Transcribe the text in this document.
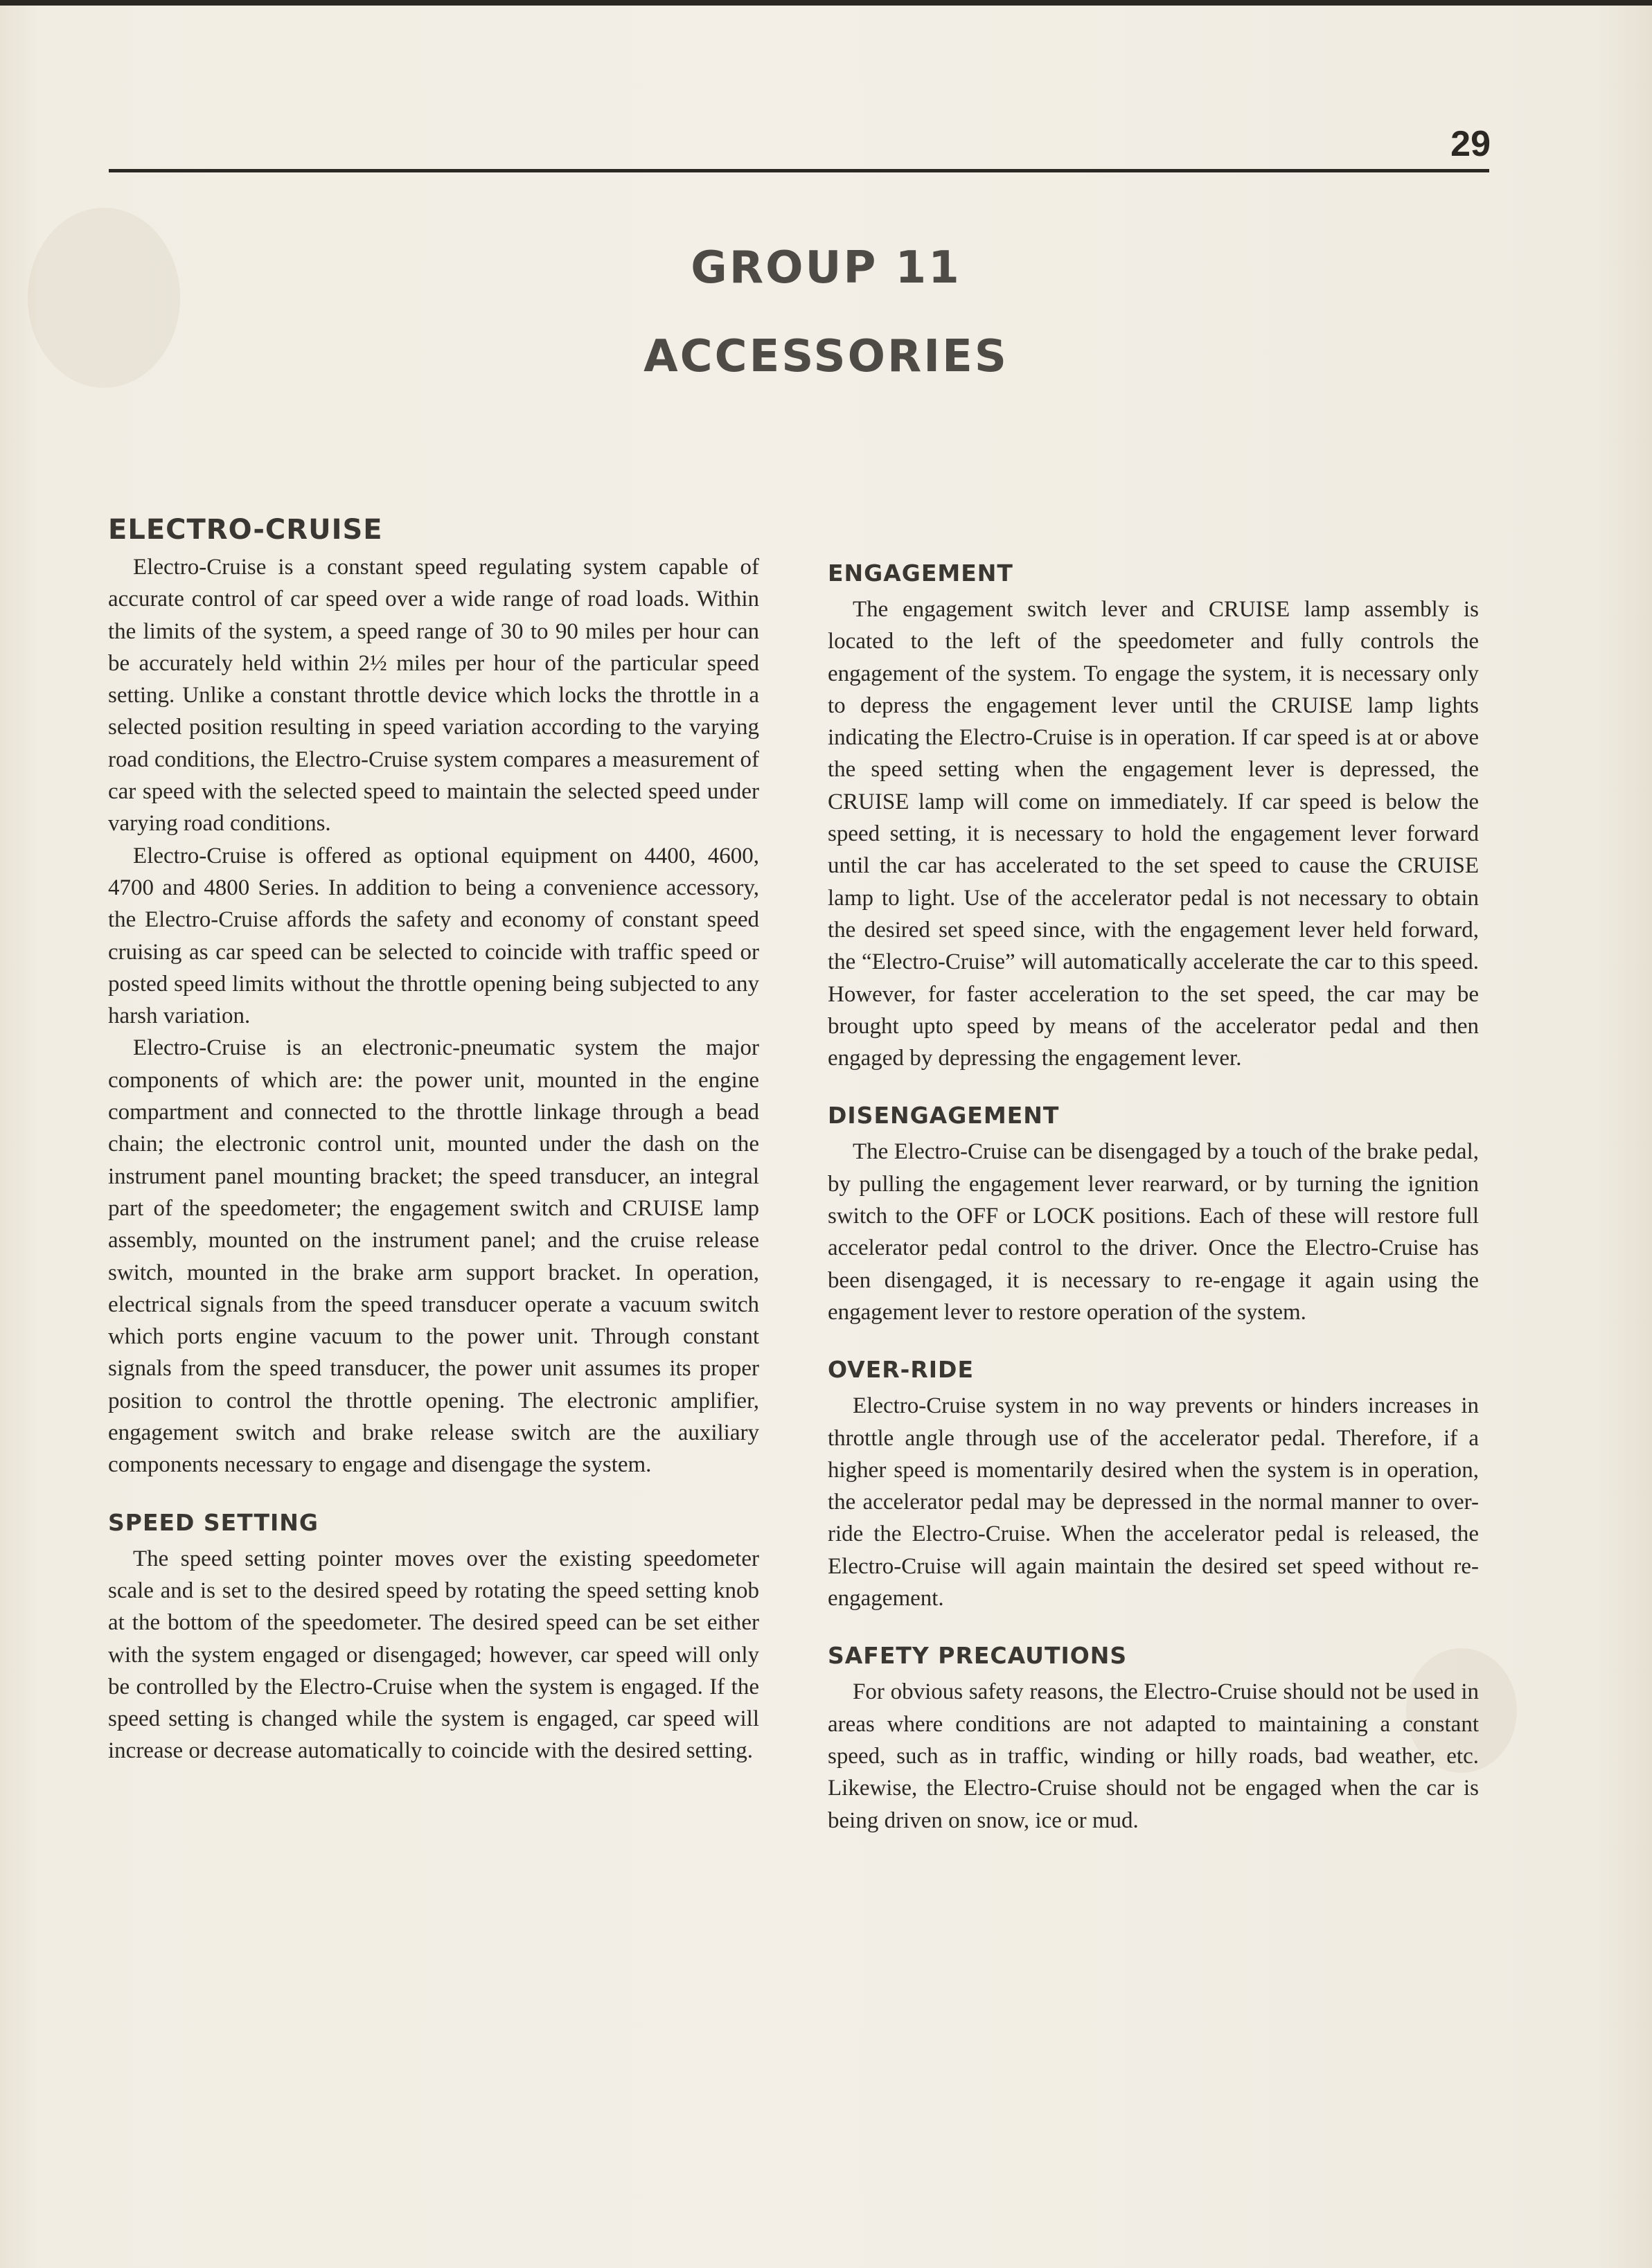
29
GROUP 11
ACCESSORIES
ELECTRO-CRUISE

Electro-Cruise is a constant speed regulating system capable of accurate control of car speed over a wide range of road loads. Within the limits of the system, a speed range of 30 to 90 miles per hour can be accurately held within 2½ miles per hour of the particular speed setting. Unlike a constant throttle device which locks the throttle in a selected position resulting in speed variation according to the varying road conditions, the Electro-Cruise system compares a measurement of car speed with the selected speed to maintain the selected speed under varying road conditions.

Electro-Cruise is offered as optional equipment on 4400, 4600, 4700 and 4800 Series. In addition to being a convenience accessory, the Electro-Cruise affords the safety and economy of constant speed cruising as car speed can be selected to coincide with traffic speed or posted speed limits without the throttle opening being subjected to any harsh variation.

Electro-Cruise is an electronic-pneumatic system the major components of which are: the power unit, mounted in the engine compartment and connected to the throttle linkage through a bead chain; the electronic control unit, mounted under the dash on the instrument panel mounting bracket; the speed transducer, an integral part of the speedometer; the engagement switch and CRUISE lamp assembly, mounted on the instrument panel; and the cruise release switch, mounted in the brake arm support bracket. In operation, electrical signals from the speed transducer operate a vacuum switch which ports engine vacuum to the power unit. Through constant signals from the speed transducer, the power unit assumes its proper position to control the throttle opening. The electronic amplifier, engagement switch and brake release switch are the auxiliary components necessary to engage and disengage the system.

SPEED SETTING

The speed setting pointer moves over the existing speedometer scale and is set to the desired speed by rotating the speed setting knob at the bottom of the speedometer. The desired speed can be set either with the system engaged or disengaged; however, car speed will only be controlled by the Electro-Cruise when the system is engaged. If the speed setting is changed while the system is engaged, car speed will increase or decrease automatically to coincide with the desired setting.

ENGAGEMENT

The engagement switch lever and CRUISE lamp assembly is located to the left of the speedometer and fully controls the engagement of the system. To engage the system, it is necessary only to depress the engagement lever until the CRUISE lamp lights indicating the Electro-Cruise is in operation. If car speed is at or above the speed setting when the engagement lever is depressed, the CRUISE lamp will come on immediately. If car speed is below the speed setting, it is necessary to hold the engagement lever forward until the car has accelerated to the set speed to cause the CRUISE lamp to light. Use of the accelerator pedal is not necessary to obtain the desired set speed since, with the engagement lever held forward, the “Electro-Cruise” will automatically accelerate the car to this speed. However, for faster acceleration to the set speed, the car may be brought upto speed by means of the accelerator pedal and then engaged by depressing the engagement lever.

DISENGAGEMENT

The Electro-Cruise can be disengaged by a touch of the brake pedal, by pulling the engagement lever rearward, or by turning the ignition switch to the OFF or LOCK positions. Each of these will restore full accelerator pedal control to the driver. Once the Electro-Cruise has been disengaged, it is necessary to re-engage it again using the engagement lever to restore operation of the system.

OVER-RIDE

Electro-Cruise system in no way prevents or hinders increases in throttle angle through use of the accelerator pedal. Therefore, if a higher speed is momentarily desired when the system is in operation, the accelerator pedal may be depressed in the normal manner to over-ride the Electro-Cruise. When the accelerator pedal is released, the Electro-Cruise will again maintain the desired set speed without re-engagement.

SAFETY PRECAUTIONS

For obvious safety reasons, the Electro-Cruise should not be used in areas where conditions are not adapted to maintaining a constant speed, such as in traffic, winding or hilly roads, bad weather, etc. Likewise, the Electro-Cruise should not be engaged when the car is being driven on snow, ice or mud.
